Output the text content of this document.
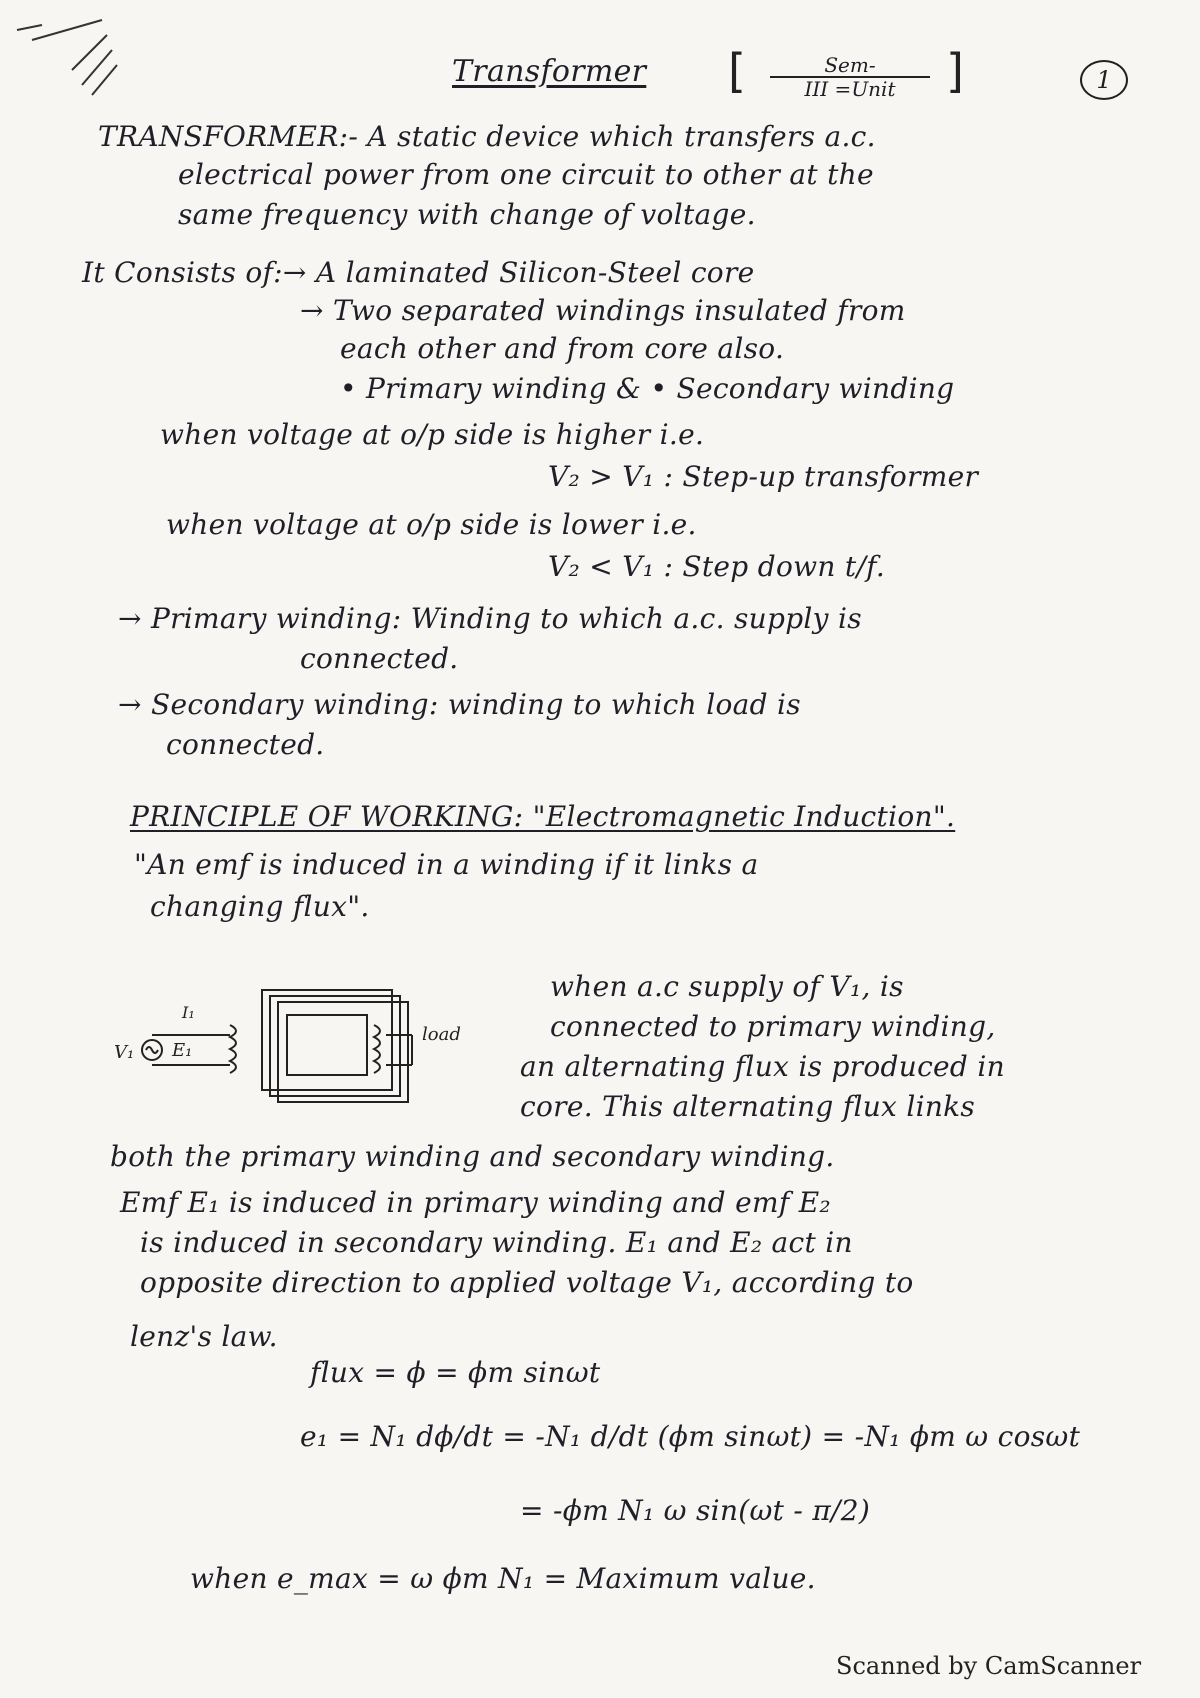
Transformer [	Sem-
III =Unit	]	1
TRANSFORMER:- A static device which transfers a.c.
electrical power from one circuit to other at the
same frequency with change of voltage.
It Consists of:→ A laminated Silicon-Steel core
→ Two separated windings insulated from
each other and from core also.
• Primary winding & • Secondary winding
when voltage at o/p side is higher i.e.
V₂ > V₁ : Step-up transformer
when voltage at o/p side is lower i.e.
V₂ < V₁ : Step down t/f.
→ Primary winding: Winding to which a.c. supply is
connected.
→ Secondary winding: winding to which load is
connected.
PRINCIPLE OF WORKING: "Electromagnetic Induction".
"An emf is induced in a winding if it links a
changing flux".
V₁ E₁
I₁
load
when a.c supply of V₁, is
connected to primary winding,
an alternating flux is produced in
core. This alternating flux links
both the primary winding and secondary winding.
Emf E₁ is induced in primary winding and emf E₂
is induced in secondary winding. E₁ and E₂ act in
opposite direction to applied voltage V₁, according to
lenz's law.
flux = ϕ = ϕm sinωt
e₁ = N₁ dϕ/dt = -N₁ d/dt (ϕm sinωt) = -N₁ ϕm ω cosωt
= -ϕm N₁ ω sin(ωt - π/2)
when e_max = ω ϕm N₁ = Maximum value.
Scanned by CamScanner
